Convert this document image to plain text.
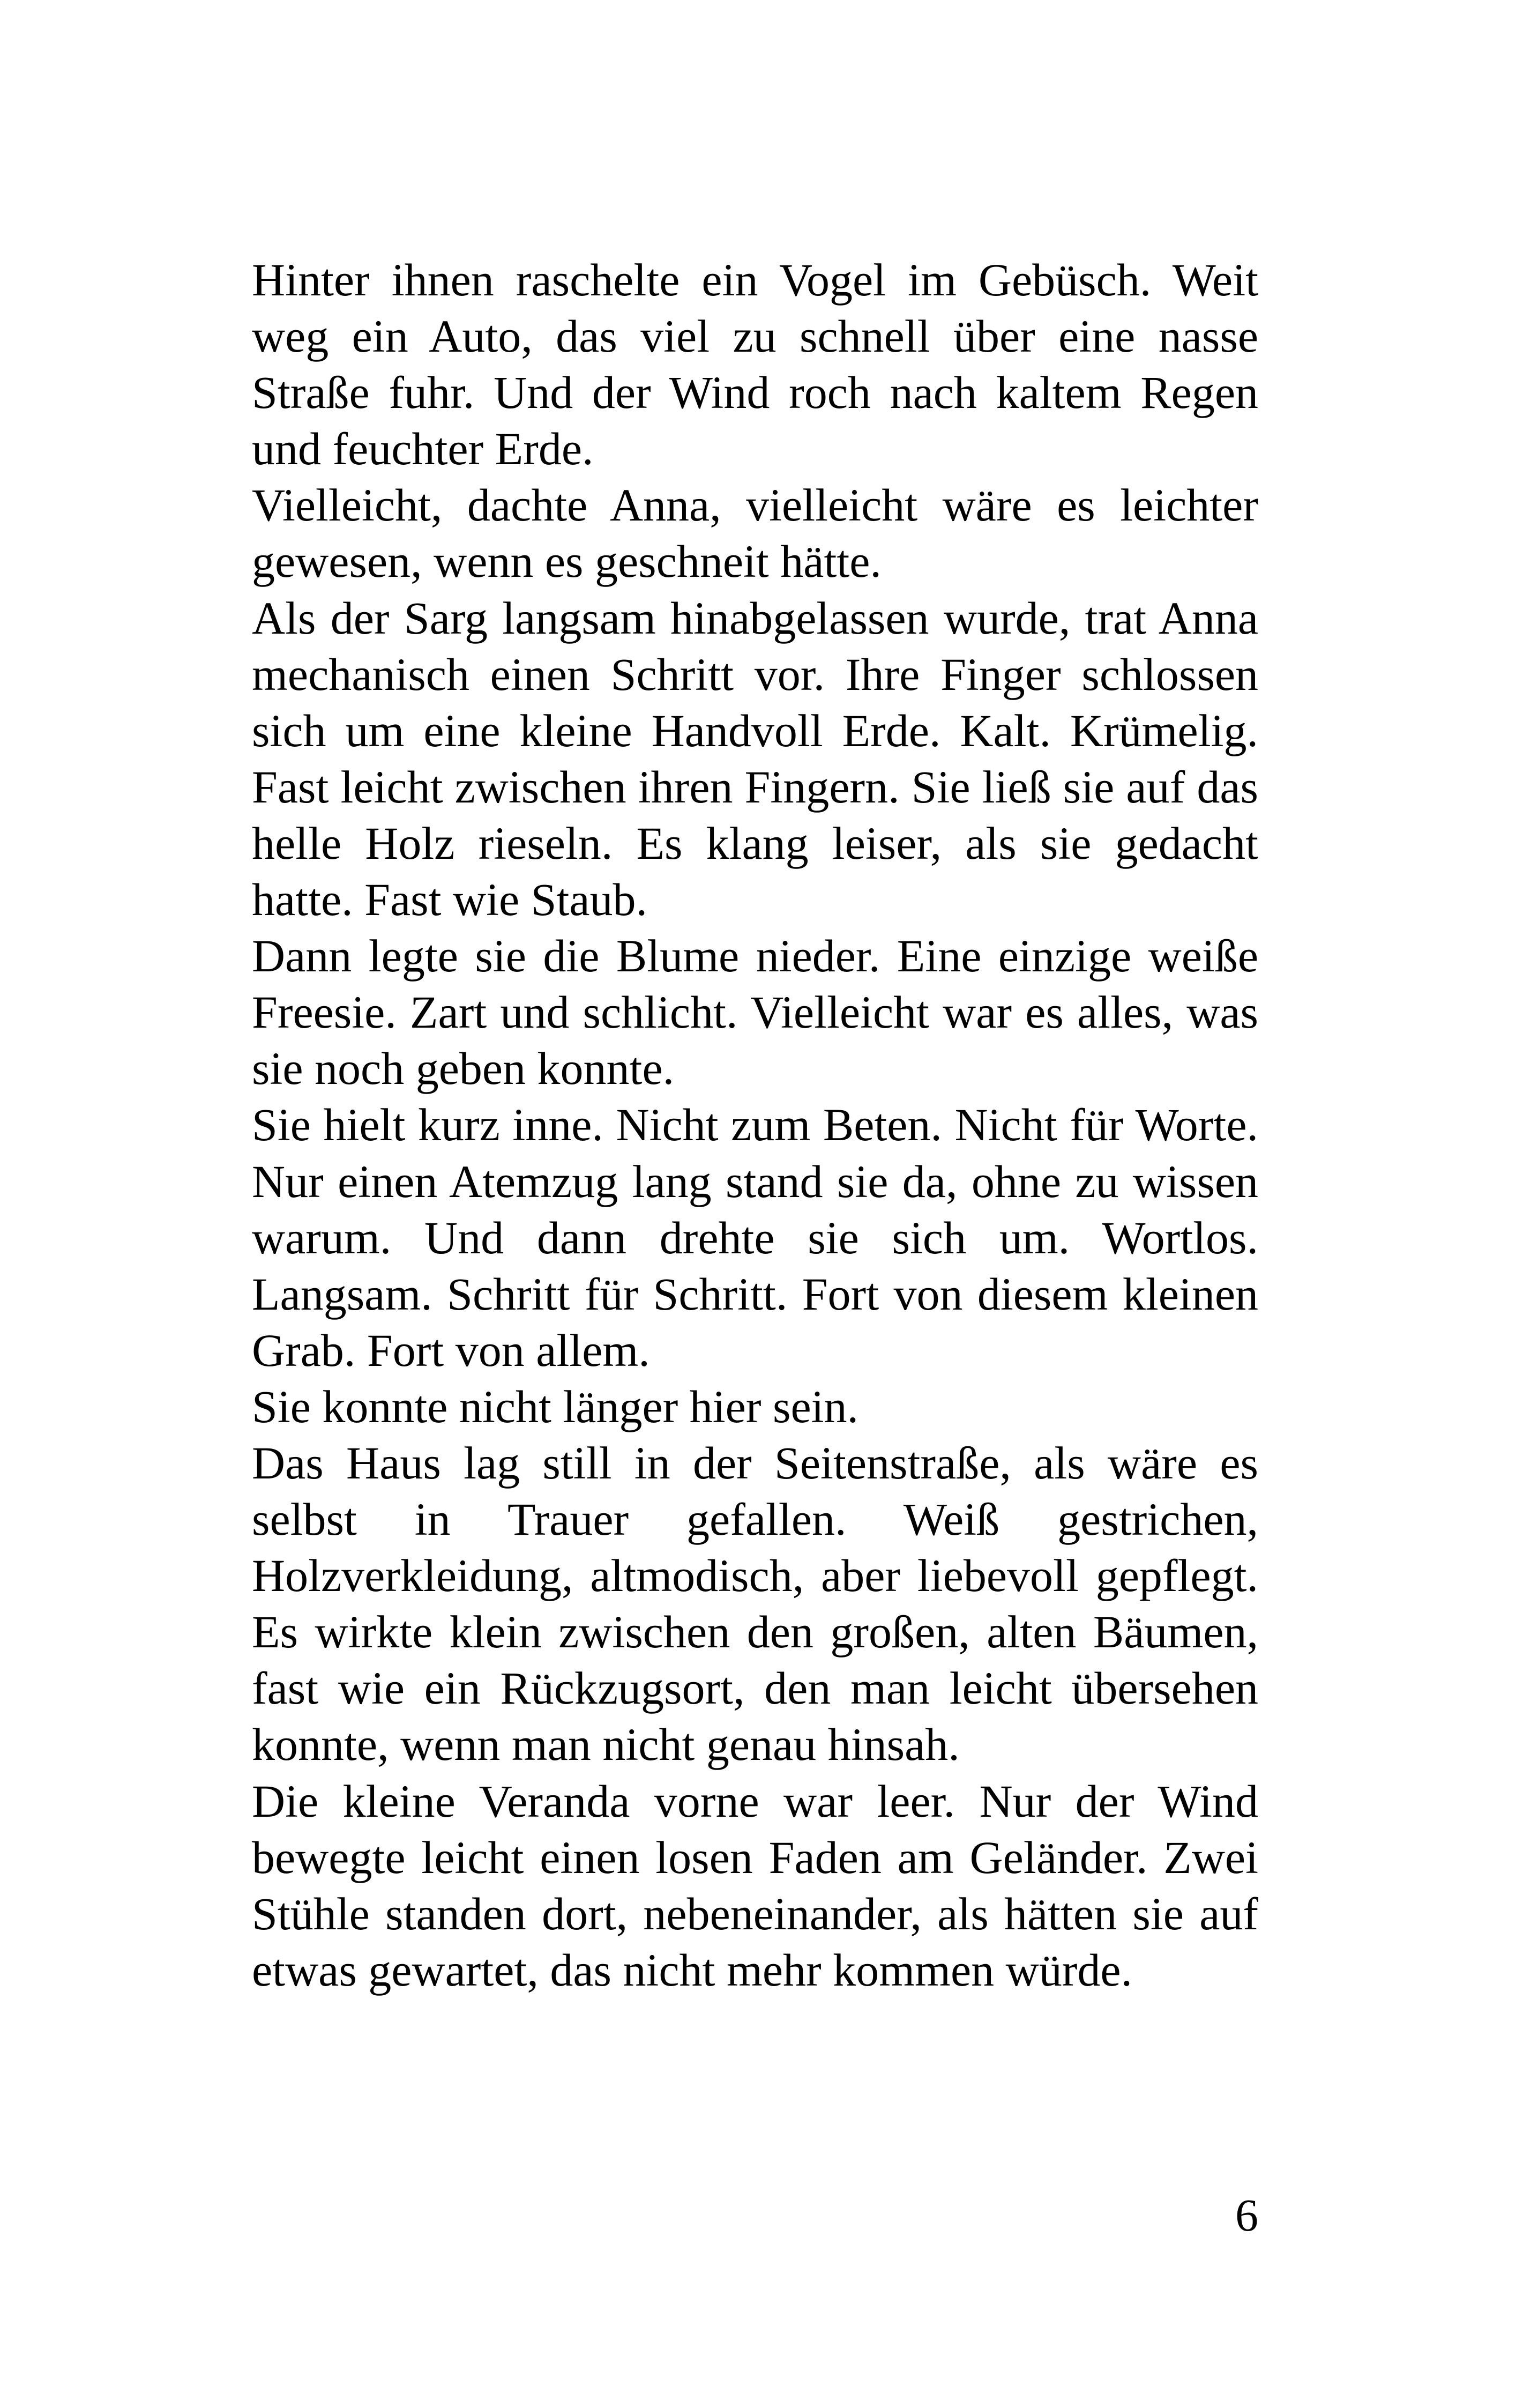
Hinter ihnen raschelte ein Vogel im Gebüsch. Weit weg ein Auto, das viel zu schnell über eine nasse Straße fuhr. Und der Wind roch nach kaltem Regen und feuchter Erde.

Vielleicht, dachte Anna, vielleicht wäre es leichter gewesen, wenn es geschneit hätte.

Als der Sarg langsam hinabgelassen wurde, trat Anna mechanisch einen Schritt vor. Ihre Finger schlossen sich um eine kleine Handvoll Erde. Kalt. Krümelig. Fast leicht zwischen ihren Fingern. Sie ließ sie auf das helle Holz rieseln. Es klang leiser, als sie gedacht hatte. Fast wie Staub.

Dann legte sie die Blume nieder. Eine einzige weiße Freesie. Zart und schlicht. Vielleicht war es alles, was sie noch geben konnte.

Sie hielt kurz inne. Nicht zum Beten. Nicht für Worte. Nur einen Atemzug lang stand sie da, ohne zu wissen warum. Und dann drehte sie sich um. Wortlos. Langsam. Schritt für Schritt. Fort von diesem kleinen Grab. Fort von allem.

Sie konnte nicht länger hier sein.

Das Haus lag still in der Seitenstraße, als wäre es selbst in Trauer gefallen. Weiß gestrichen, Holzverkleidung, altmodisch, aber liebevoll gepflegt. Es wirkte klein zwischen den großen, alten Bäumen, fast wie ein Rückzugsort, den man leicht übersehen konnte, wenn man nicht genau hinsah.

Die kleine Veranda vorne war leer. Nur der Wind bewegte leicht einen losen Faden am Geländer. Zwei Stühle standen dort, nebeneinander, als hätten sie auf etwas gewartet, das nicht mehr kommen würde.

6
